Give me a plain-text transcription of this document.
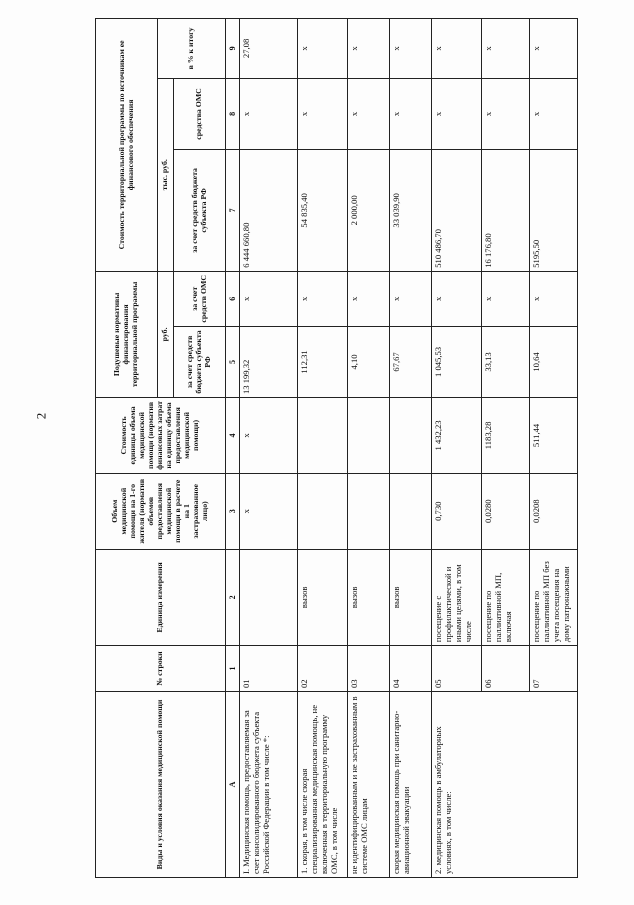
2
Виды и условия оказания медицинской помощи	№ строки	Единица измерения	Объем медицинской помощи на 1-го жителя (норматив объемов предоставления медицинской помощи в расчете на 1 застрахованное лицо)	Стоимость единицы объема медицинской помощи (норматив финансовых затрат на единицу объема предоставления медицинской помощи)	Подушевые нормативы финансирования территориальной программы		Стоимость территориальной программы по источникам ее финансового обеспечения		
					руб.		тыс. руб.		в % к итогу
					за счет средств бюджета субъекта РФ	за счет средств ОМС	за счет средств бюджета субъекта РФ	средства ОМС	
А	1	2	3	4	5	6	7	8	9
I. Медицинская помощь, предоставляемая за счет консолидированного бюджета субъекта Российской Федерации в том числе *:	01		х	х	13 199,32	х	6 444 660,80	х	27,08
1. скорая, в том числе скорая специализированная медицинская помощь, не включенная в территориальную программу ОМС, в том числе	02	вызов			112,31	х	54 835,40	х	х
не идентифицированным и не застрахованным в системе ОМС лицам	03	вызов			4,10	х	2 000,00	х	х
скорая медицинская помощь при санитарно-авиационной эвакуации	04	вызов			67,67	х	33 039,90	х	х
2. медицинская помощь в амбулаторных условиях, в том числе:	05	посещение с профилактической и иными целями, в том числе	0,730	1 432,23	1 045,53	х	510 486,70	х	х
	06	посещение по паллиативной МП, включая	0,0280	1183,28	33,13	х	16 176,80	х	х
	07	посещение по паллиативной МП без учета посещения на дому патронажными	0,0208	511,44	10,64	х	5195,50	х	х
